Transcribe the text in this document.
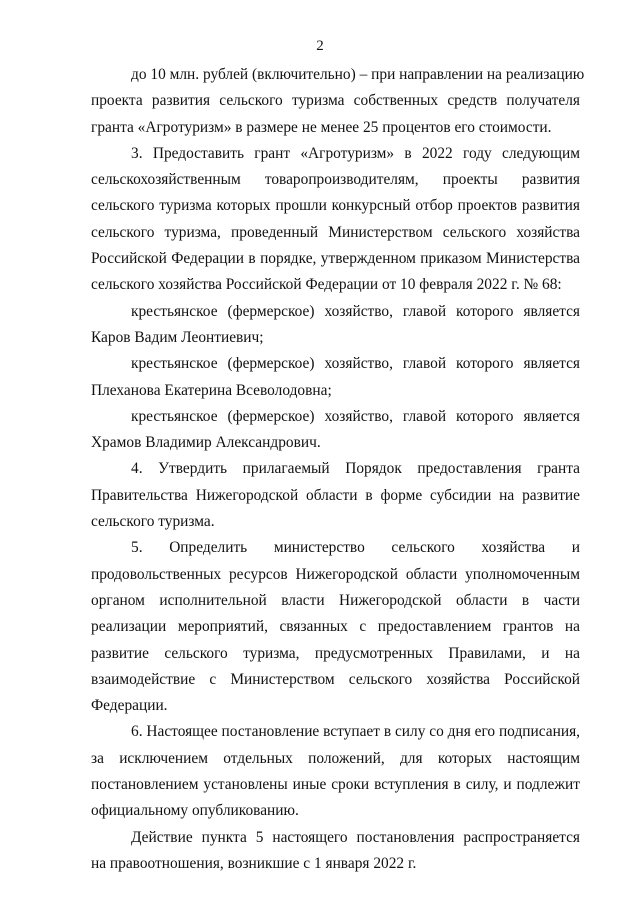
2
до 10 млн. рублей (включительно) – при направлении на реализацию
проекта развития сельского туризма собственных средств получателя
гранта «Агротуризм» в размере не менее 25 процентов его стоимости.
3. Предоставить грант «Агротуризм» в 2022 году следующим
сельскохозяйственным товаропроизводителям, проекты развития
сельского туризма которых прошли конкурсный отбор проектов развития
сельского туризма, проведенный Министерством сельского хозяйства
Российской Федерации в порядке, утвержденном приказом Министерства
сельского хозяйства Российской Федерации от 10 февраля 2022 г. № 68:
крестьянское (фермерское) хозяйство, главой которого является
Каров Вадим Леонтиевич;
крестьянское (фермерское) хозяйство, главой которого является
Плеханова Екатерина Всеволодовна;
крестьянское (фермерское) хозяйство, главой которого является
Храмов Владимир Александрович.
4. Утвердить прилагаемый Порядок предоставления гранта
Правительства Нижегородской области в форме субсидии на развитие
сельского туризма.
5. Определить министерство сельского хозяйства и
продовольственных ресурсов Нижегородской области уполномоченным
органом исполнительной власти Нижегородской области в части
реализации мероприятий, связанных с предоставлением грантов на
развитие сельского туризма, предусмотренных Правилами, и на
взаимодействие с Министерством сельского хозяйства Российской
Федерации.
6. Настоящее постановление вступает в силу со дня его подписания,
за исключением отдельных положений, для которых настоящим
постановлением установлены иные сроки вступления в силу, и подлежит
официальному опубликованию.
Действие пункта 5 настоящего постановления распространяется
на правоотношения, возникшие с 1 января 2022 г.
